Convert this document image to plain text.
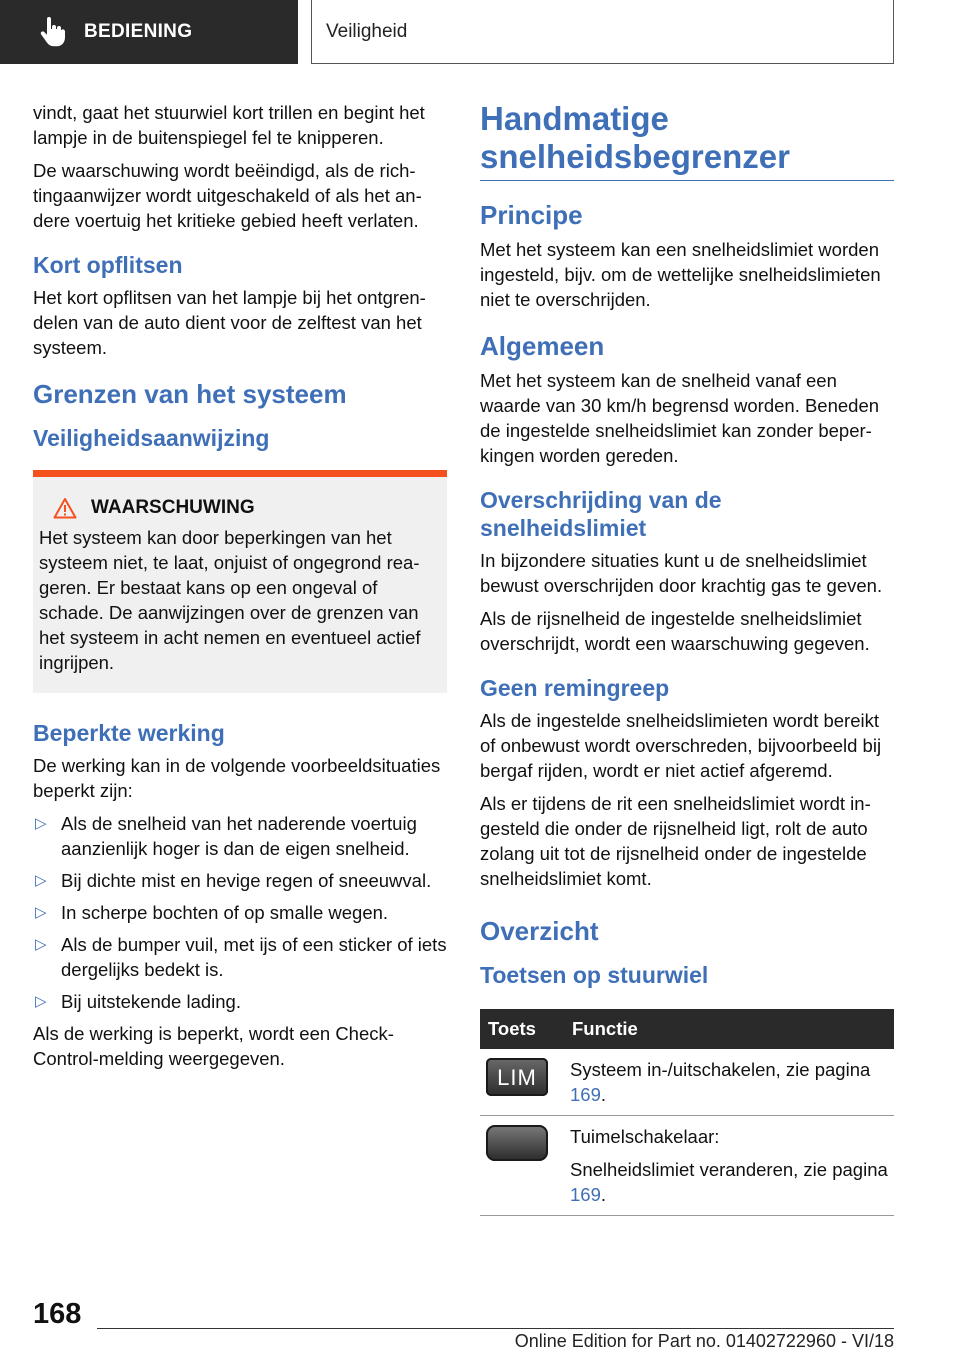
BEDIENING	Veiligheid

vindt, gaat het stuurwiel kort trillen en begint het lampje in de buitenspiegel fel te knipperen.

De waarschuwing wordt beëindigd, als de richtingaanwijzer wordt uitgeschakeld of als het andere voertuig het kritieke gebied heeft verlaten.

Kort opflitsen

Het kort opflitsen van het lampje bij het ontgrendelen van de auto dient voor de zelftest van het systeem.

Grenzen van het systeem
Veiligheidsaanwijzing
WAARSCHUWING

Het systeem kan door beperkingen van het systeem niet, te laat, onjuist of ongegrond reageren. Er bestaat kans op een ongeval of schade. De aanwijzingen over de grenzen van het systeem in acht nemen en eventueel actief ingrijpen.

Beperkte werking

De werking kan in de volgende voorbeeldsituaties beperkt zijn:

▷ Als de snelheid van het naderende voertuig aanzienlijk hoger is dan de eigen snelheid.
▷ Bij dichte mist en hevige regen of sneeuwval.
▷ In scherpe bochten of op smalle wegen.
▷ Als de bumper vuil, met ijs of een sticker of iets dergelijks bedekt is.
▷ Bij uitstekende lading.

Als de werking is beperkt, wordt een Check-Control-melding weergegeven.

Handmatige
snelheidsbegrenzer
Principe

Met het systeem kan een snelheidslimiet worden ingesteld, bijv. om de wettelijke snelheidslimieten niet te overschrijden.

Algemeen

Met het systeem kan de snelheid vanaf een waarde van 30 km/h begrensd worden. Beneden de ingestelde snelheidslimiet kan zonder beperkingen worden gereden.

Overschrijding van de
snelheidslimiet

In bijzondere situaties kunt u de snelheidslimiet bewust overschrijden door krachtig gas te geven.

Als de rijsnelheid de ingestelde snelheidslimiet overschrijdt, wordt een waarschuwing gegeven.

Geen remingreep

Als de ingestelde snelheidslimieten wordt bereikt of onbewust wordt overschreden, bijvoorbeeld bij bergaf rijden, wordt er niet actief afgeremd.

Als er tijdens de rit een snelheidslimiet wordt ingesteld die onder de rijsnelheid ligt, rolt de auto zolang uit tot de rijsnelheid onder de ingestelde snelheidslimiet komt.

Overzicht
Toetsen op stuurwiel
Toets	Functie

LIM	Systeem in-/uitschakelen, zie pagina 169.

	Tuimelschakelaar:
Snelheidslimiet veranderen, zie pagina 169.
168
Online Edition for Part no. 01402722960 - VI/18
